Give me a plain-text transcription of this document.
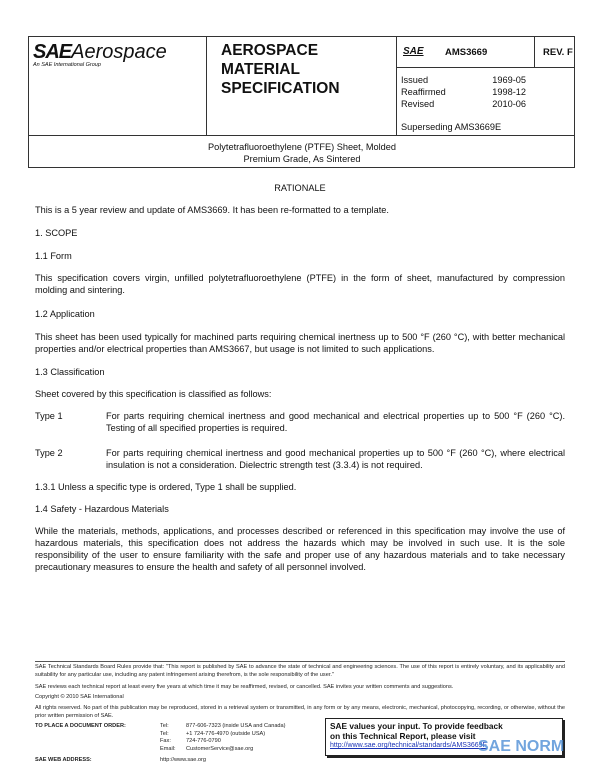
SAEAerospace
An SAE International Group
AEROSPACE
MATERIAL
SPECIFICATION
SAE AMS3669	REV. F
Issued	1969-05
Reaffirmed	1998-12
Revised	2010-06
Superseding AMS3669E
Polytetrafluoroethylene (PTFE) Sheet, Molded
Premium Grade, As Sintered
RATIONALE
This is a 5 year review and update of AMS3669. It has been re-formatted to a template.
1. SCOPE
1.1 Form
This specification covers virgin, unfilled polytetrafluoroethylene (PTFE) in the form of sheet, manufactured by compression molding and sintering.
1.2 Application
This sheet has been used typically for machined parts requiring chemical inertness up to 500 °F (260 °C), with better mechanical properties and/or electrical properties than AMS3667, but usage is not limited to such applications.
1.3 Classification
Sheet covered by this specification is classified as follows:
Type 1	For parts requiring chemical inertness and good mechanical and electrical properties up to 500 °F (260 °C). Testing of all specified properties is required.
Type 2	For parts requiring chemical inertness and good mechanical properties up to 500 °F (260 °C), where electrical insulation is not a consideration. Dielectric strength test (3.3.4) is not required.
1.3.1 Unless a specific type is ordered, Type 1 shall be supplied.
1.4 Safety - Hazardous Materials
While the materials, methods, applications, and processes described or referenced in this specification may involve the use of hazardous materials, this specification does not address the hazards which may be involved in such use. It is the sole responsibility of the user to ensure familiarity with the safe and proper use of any hazardous materials and to take necessary precautionary measures to ensure the health and safety of all personnel involved.
SAE Technical Standards Board Rules provide that: "This report is published by SAE to advance the state of technical and engineering sciences. The use of this report is entirely voluntary, and its applicability and suitability for any particular use, including any patent infringement arising therefrom, is the sole responsibility of the user."
SAE reviews each technical report at least every five years at which time it may be reaffirmed, revised, or cancelled. SAE invites your written comments and suggestions.
Copyright © 2010 SAE International
All rights reserved. No part of this publication may be reproduced, stored in a retrieval system or transmitted, in any form or by any means, electronic, mechanical, photocopying, recording, or otherwise, without the prior written permission of SAE.
TO PLACE A DOCUMENT ORDER:	Tel:	877-606-7323 (inside USA and Canada)
Tel:	+1 724-776-4970 (outside USA)
Fax:	724-776-0790
Email: CustomerService@sae.org
SAE WEB ADDRESS:	http://www.sae.org
SAE values your input. To provide feedback
on this Technical Report, please visit
http://www.sae.org/technical/standards/AMS3669F
SAE NORM
